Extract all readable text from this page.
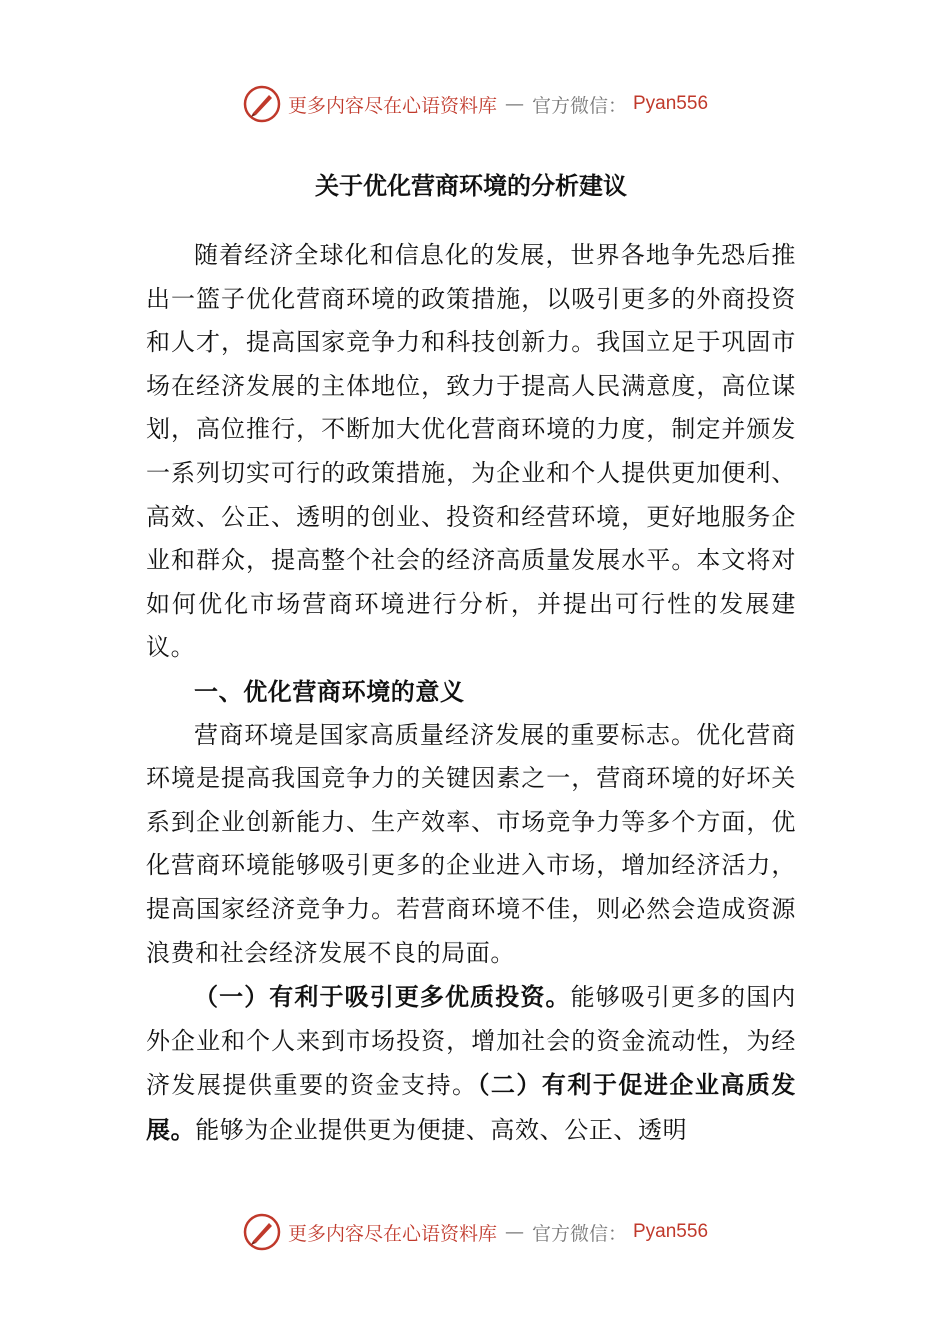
更多内容尽在心语资料库 — 官方微信： Pyan556
关于优化营商环境的分析建议

随着经济全球化和信息化的发展，世界各地争先恐后推出一篮子优化营商环境的政策措施，以吸引更多的外商投资和人才，提高国家竞争力和科技创新力。我国立足于巩固市场在经济发展的主体地位，致力于提高人民满意度，高位谋划，高位推行，不断加大优化营商环境的力度，制定并颁发一系列切实可行的政策措施，为企业和个人提供更加便利、高效、公正、透明的创业、投资和经营环境，更好地服务企业和群众，提高整个社会的经济高质量发展水平。本文将对如何优化市场营商环境进行分析，并提出可行性的发展建议。

一、优化营商环境的意义

营商环境是国家高质量经济发展的重要标志。优化营商环境是提高我国竞争力的关键因素之一，营商环境的好坏关系到企业创新能力、生产效率、市场竞争力等多个方面，优化营商环境能够吸引更多的企业进入市场，增加经济活力，提高国家经济竞争力。若营商环境不佳，则必然会造成资源浪费和社会经济发展不良的局面。

（一）有利于吸引更多优质投资。能够吸引更多的国内外企业和个人来到市场投资，增加社会的资金流动性，为经济发展提供重要的资金支持。（二）有利于促进企业高质发展。能够为企业提供更为便捷、高效、公正、透明

更多内容尽在心语资料库 — 官方微信： Pyan556
